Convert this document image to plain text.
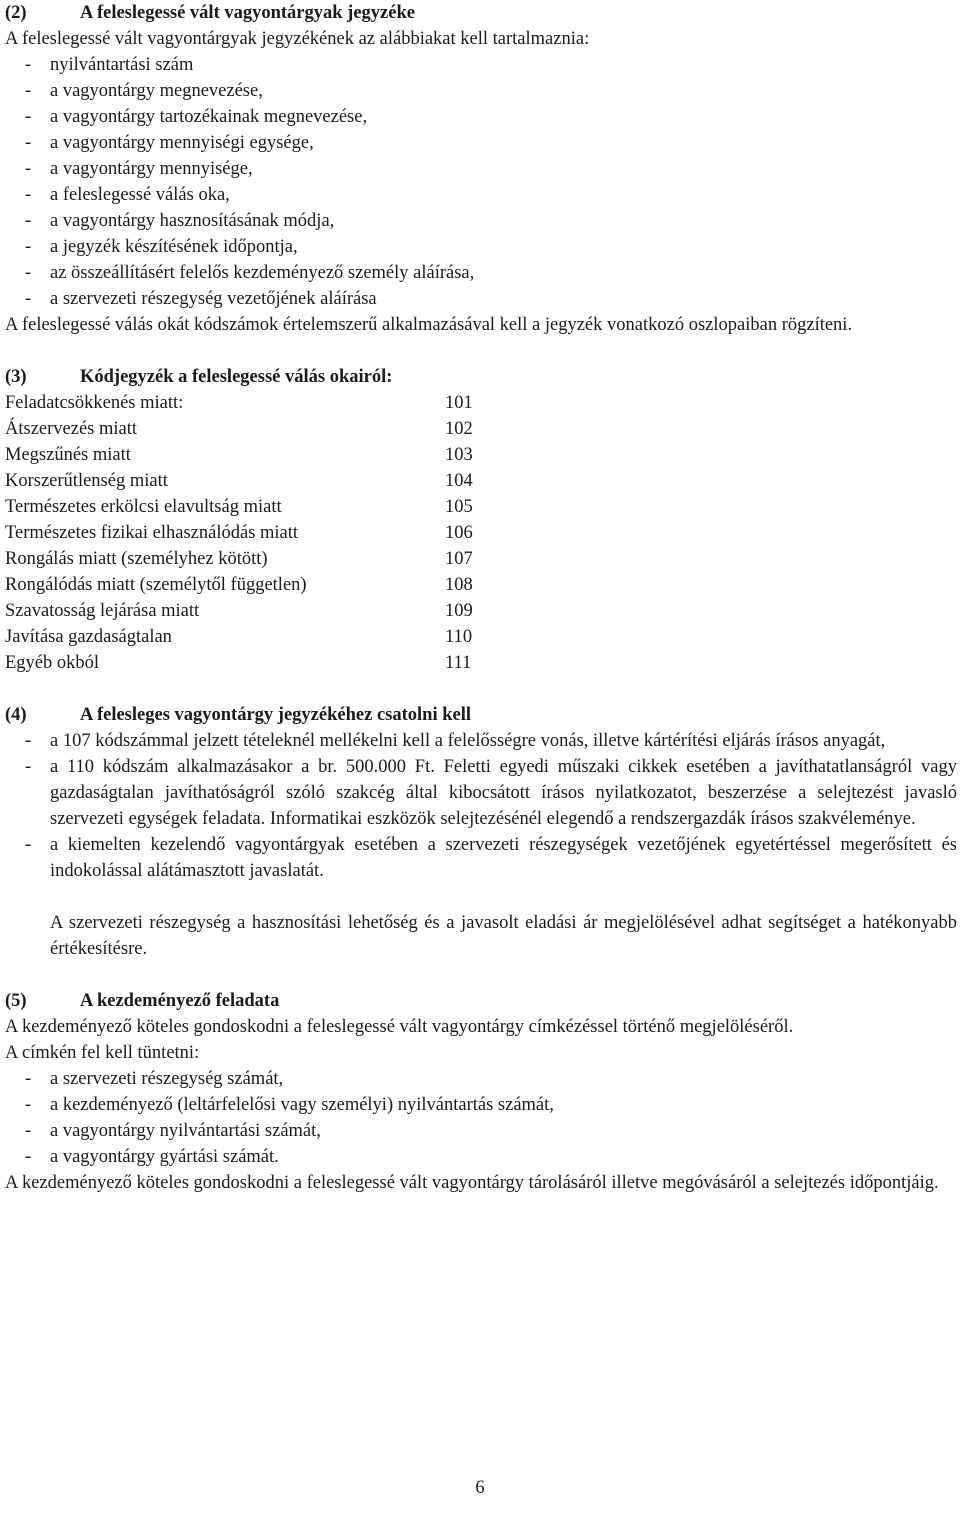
(2)	A feleslegessé vált vagyontárgyak jegyzéke
A feleslegessé vált vagyontárgyak jegyzékének az alábbiakat kell tartalmaznia:
- nyilvántartási szám
- a vagyontárgy megnevezése,
- a vagyontárgy tartozékainak megnevezése,
- a vagyontárgy mennyiségi egysége,
- a vagyontárgy mennyisége,
- a feleslegessé válás oka,
- a vagyontárgy hasznosításának módja,
- a jegyzék készítésének időpontja,
- az összeállításért felelős kezdeményező személy aláírása,
- a szervezeti részegység vezetőjének aláírása
A feleslegessé válás okát kódszámok értelemszerű alkalmazásával kell a jegyzék vonatkozó oszlopaiban rögzíteni.
(3)	Kódjegyzék a feleslegessé válás okairól:
Feladatcsökkenés miatt:	101
Átszervezés miatt	102
Megszűnés miatt	103
Korszerűtlenség miatt	104
Természetes erkölcsi elavultság miatt	105
Természetes fizikai elhasználódás miatt	106
Rongálás miatt (személyhez kötött)	107
Rongálódás miatt (személytől független)	108
Szavatosság lejárása miatt	109
Javítása gazdaságtalan	110
Egyéb okból	111
(4)	A felesleges vagyontárgy jegyzékéhez csatolni kell
- a 107 kódszámmal jelzett tételeknél mellékelni kell a felelősségre vonás, illetve kártérítési eljárás írásos anyagát,
- a 110 kódszám alkalmazásakor a br. 500.000 Ft. Feletti egyedi műszaki cikkek esetében a javíthatatlanságról vagy gazdaságtalan javíthatóságról szóló szakcég által kibocsátott írásos nyilatkozatot, beszerzése a selejtezést javasló szervezeti egységek feladata. Informatikai eszközök selejtezésénél elegendő a rendszergazdák írásos szakvéleménye.
- a kiemelten kezelendő vagyontárgyak esetében a szervezeti részegységek vezetőjének egyetértéssel megerősített és indokolással alátámasztott javaslatát.
A szervezeti részegység a hasznosítási lehetőség és a javasolt eladási ár megjelölésével adhat segítséget a hatékonyabb értékesítésre.
(5)	A kezdeményező feladata
A kezdeményező köteles gondoskodni a feleslegessé vált vagyontárgy címkézéssel történő megjelöléséről.
A címkén fel kell tüntetni:
- a szervezeti részegység számát,
- a kezdeményező (leltárfelelősi vagy személyi) nyilvántartás számát,
- a vagyontárgy nyilvántartási számát,
- a vagyontárgy gyártási számát.
A kezdeményező köteles gondoskodni a feleslegessé vált vagyontárgy tárolásáról illetve megóvásáról a selejtezés időpontjáig.
6
